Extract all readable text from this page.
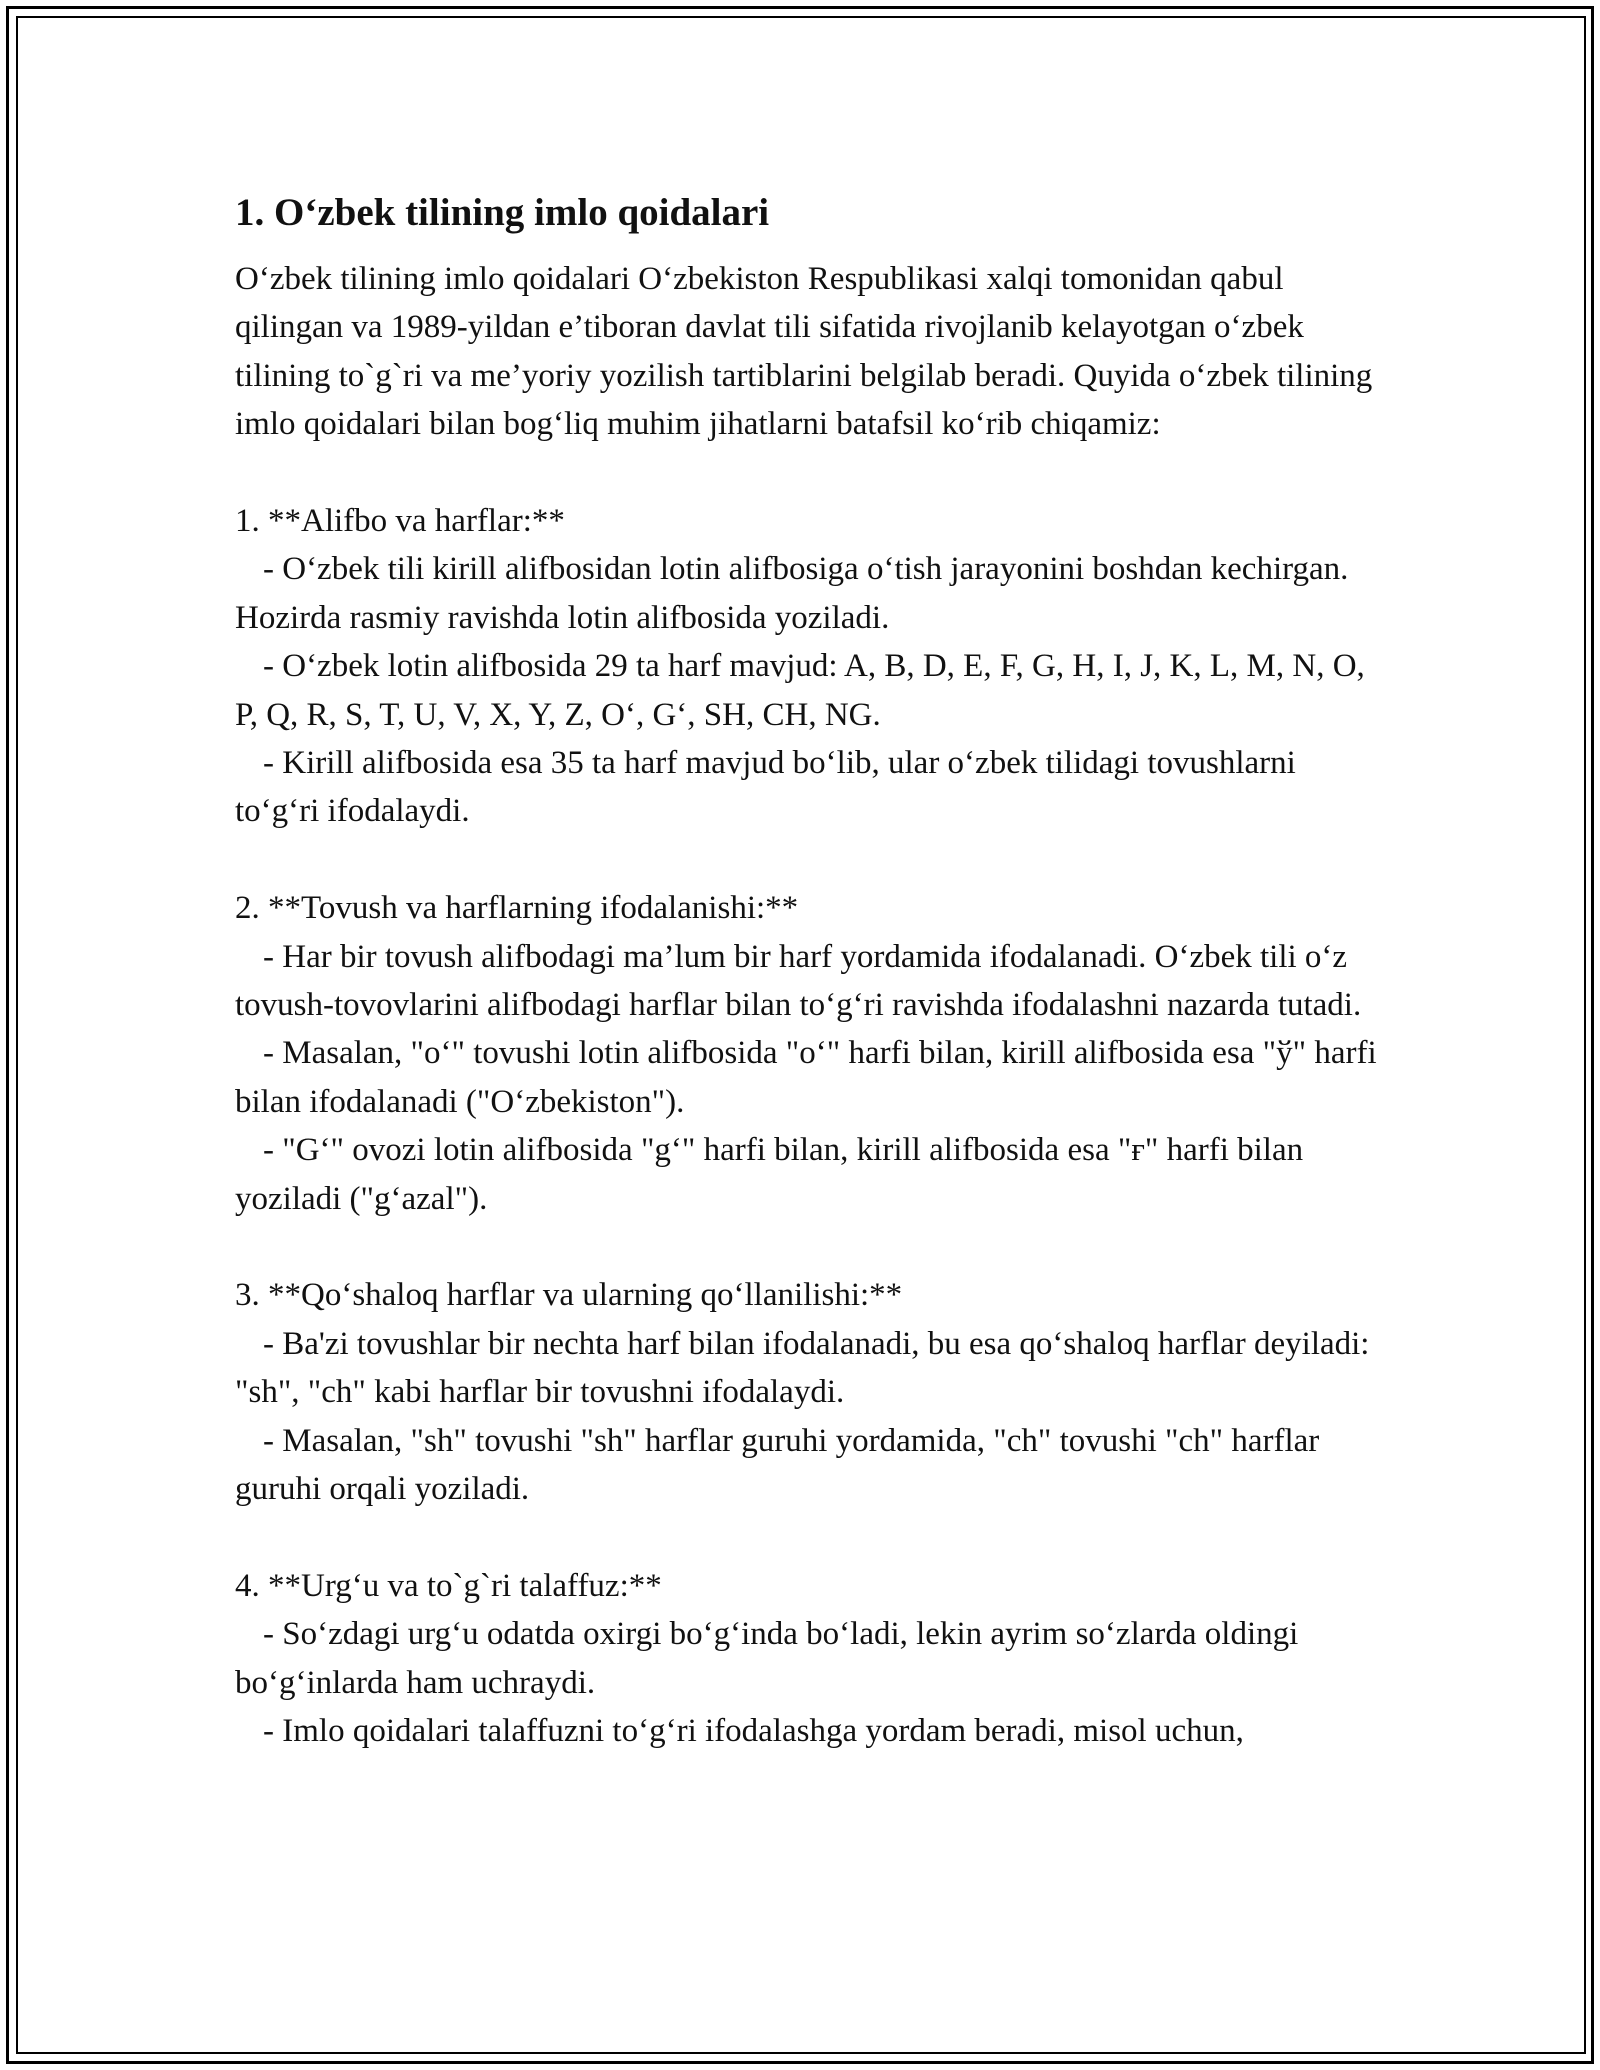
1. O‘zbek tilining imlo qoidalari

O‘zbek tilining imlo qoidalari O‘zbekiston Respublikasi xalqi tomonidan qabul qilingan va 1989-yildan e’tiboran davlat tili sifatida rivojlanib kelayotgan o‘zbek tilining to`g`ri va me’yoriy yozilish tartiblarini belgilab beradi. Quyida o‘zbek tilining imlo qoidalari bilan bog‘liq muhim jihatlarni batafsil ko‘rib chiqamiz:

1. **Alifbo va harflar:**

- O‘zbek tili kirill alifbosidan lotin alifbosiga o‘tish jarayonini boshdan kechirgan. Hozirda rasmiy ravishda lotin alifbosida yoziladi.

- O‘zbek lotin alifbosida 29 ta harf mavjud: A, B, D, E, F, G, H, I, J, K, L, M, N, O, P, Q, R, S, T, U, V, X, Y, Z, O‘, G‘, SH, CH, NG.

- Kirill alifbosida esa 35 ta harf mavjud bo‘lib, ular o‘zbek tilidagi tovushlarni to‘g‘ri ifodalaydi.

2. **Tovush va harflarning ifodalanishi:**

- Har bir tovush alifbodagi ma’lum bir harf yordamida ifodalanadi. O‘zbek tili o‘z tovush-tovovlarini alifbodagi harflar bilan to‘g‘ri ravishda ifodalashni nazarda tutadi.

- Masalan, "o‘" tovushi lotin alifbosida "o‘" harfi bilan, kirill alifbosida esa "ў" harfi bilan ifodalanadi ("O‘zbekiston").

- "G‘" ovozi lotin alifbosida "g‘" harfi bilan, kirill alifbosida esa "ғ" harfi bilan yoziladi ("g‘azal").

3. **Qo‘shaloq harflar va ularning qo‘llanilishi:**

- Ba'zi tovushlar bir nechta harf bilan ifodalanadi, bu esa qo‘shaloq harflar deyiladi: "sh", "ch" kabi harflar bir tovushni ifodalaydi.

- Masalan, "sh" tovushi "sh" harflar guruhi yordamida, "ch" tovushi "ch" harflar guruhi orqali yoziladi.

4. **Urg‘u va to`g`ri talaffuz:**

- So‘zdagi urg‘u odatda oxirgi bo‘g‘inda bo‘ladi, lekin ayrim so‘zlarda oldingi bo‘g‘inlarda ham uchraydi.

- Imlo qoidalari talaffuzni to‘g‘ri ifodalashga yordam beradi, misol uchun,
